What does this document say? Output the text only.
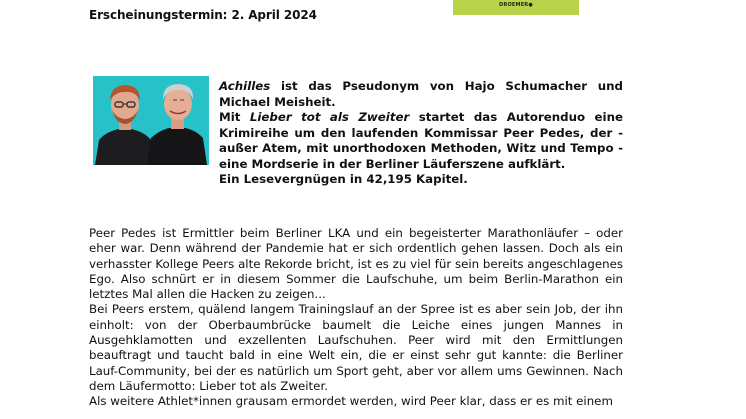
Erscheinungstermin: 2. April 2024
DROEMER●

Achilles ist das Pseudonym von Hajo Schumacher und Michael Meisheit.

Mit Lieber tot als Zweiter startet das Autorenduo eine Krimireihe um den laufenden Kommissar Peer Pedes, der - außer Atem, mit unorthodoxen Methoden, Witz und Tempo - eine Mordserie in der Berliner Läuferszene aufklärt.

Ein Lesevergnügen in 42,195 Kapitel.

Peer Pedes ist Ermittler beim Berliner LKA und ein begeisterter Marathonläufer – oder eher war. Denn während der Pandemie hat er sich ordentlich gehen lassen. Doch als ein verhasster Kollege Peers alte Rekorde bricht, ist es zu viel für sein bereits angeschlagenes Ego. Also schnürt er in diesem Sommer die Laufschuhe, um beim Berlin-Marathon ein letztes Mal allen die Hacken zu zeigen...

Bei Peers erstem, quälend langem Trainingslauf an der Spree ist es aber sein Job, der ihn einholt: von der Oberbaumbrücke baumelt die Leiche eines jungen Mannes in Ausgehklamotten und exzellenten Laufschuhen. Peer wird mit den Ermittlungen beauftragt und taucht bald in eine Welt ein, die er einst sehr gut kannte: die Berliner Lauf-Community, bei der es natürlich um Sport geht, aber vor allem ums Gewinnen. Nach dem Läufermotto: Lieber tot als Zweiter.

Als weitere Athlet*innen grausam ermordet werden, wird Peer klar, dass er es mit einem
